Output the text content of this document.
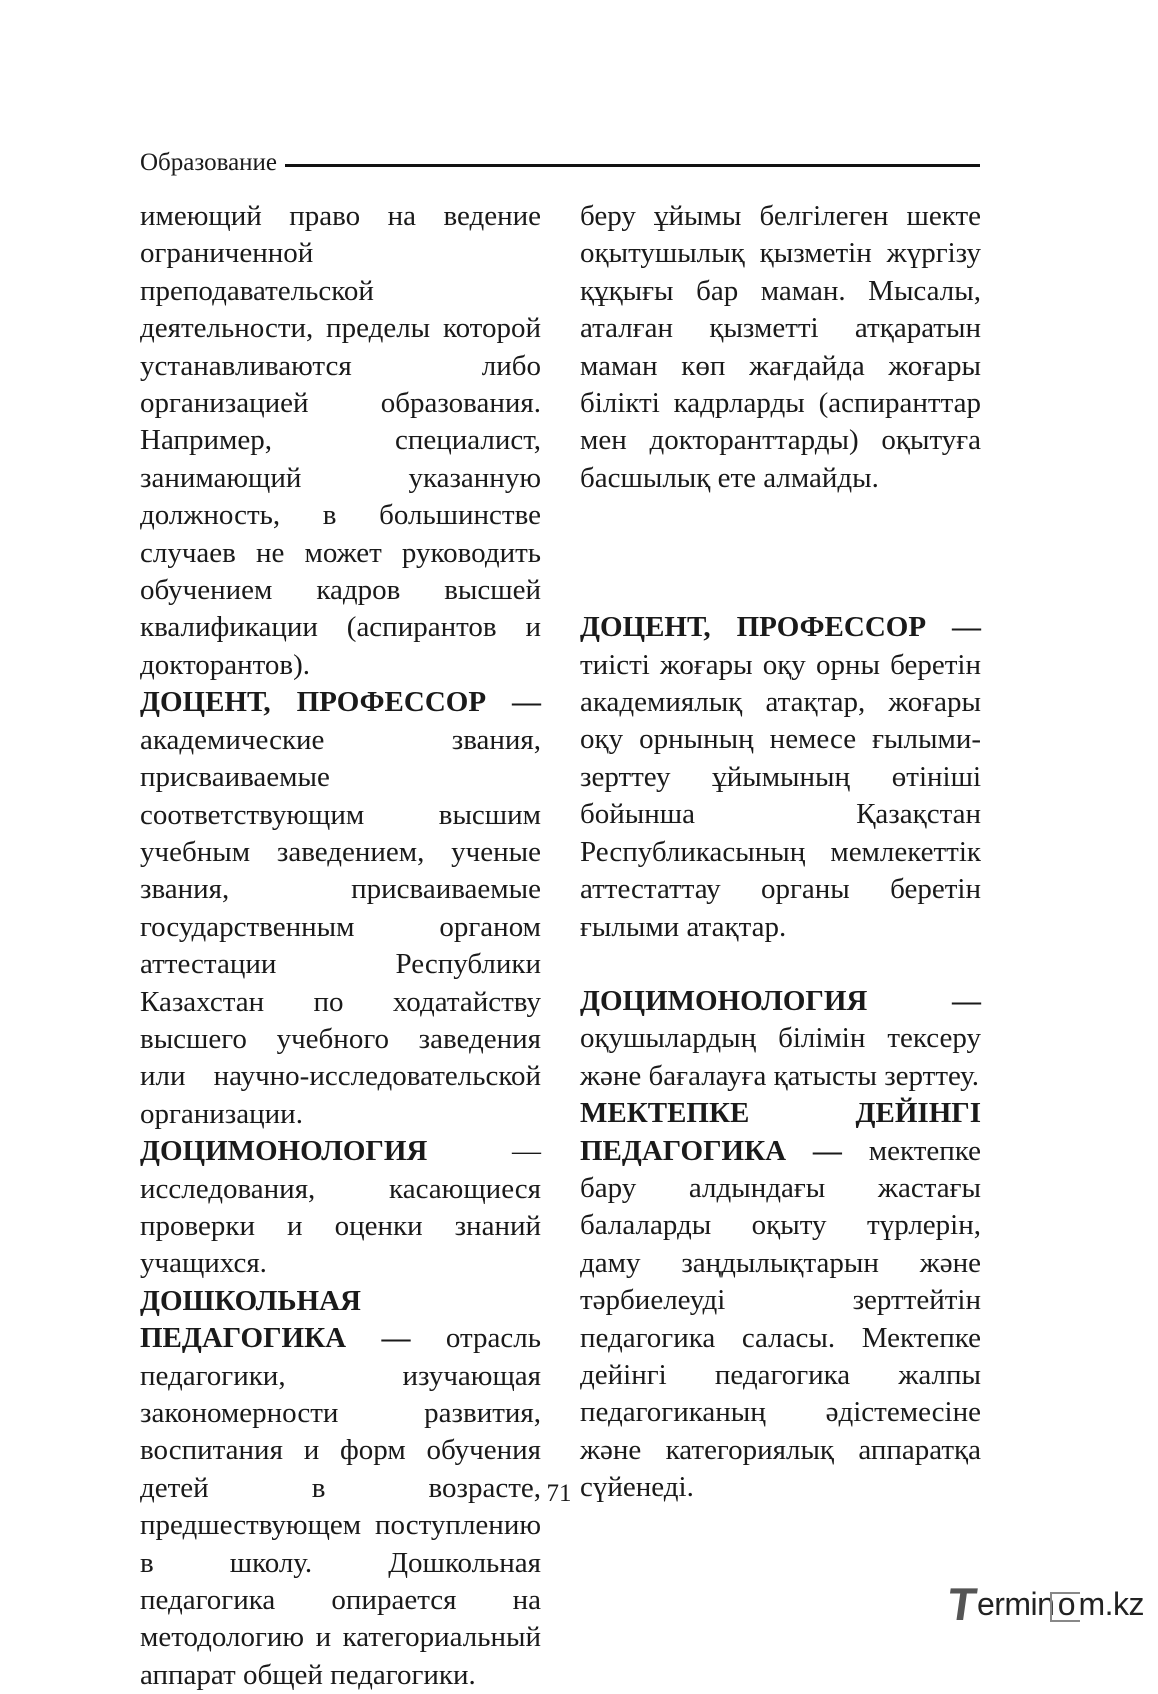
Образование

имеющий право на ведение ограниченной преподавательской деятельности, пределы которой устанавливаются либо организацией образования. Например, специалист, занимающий указанную должность, в большинстве случаев не может руководить обучением кадров высшей квалификации (аспирантов и докторантов).

ДОЦЕНТ, ПРОФЕССОР — академические звания, присваиваемые соответствующим высшим учебным заведением, ученые звания, присваиваемые государственным органом аттестации Республики Казахстан по ходатайству высшего учебного заведения или научно-исследовательской организации.

ДОЦИМОНОЛОГИЯ — исследования, касающиеся проверки и оценки знаний учащихся.

ДОШКОЛЬНАЯ ПЕДАГОГИКА — отрасль педагогики, изучающая закономерности развития, воспитания и форм обучения детей в возрасте, предшествующем поступлению в школу. Дошкольная педагогика опирается на методологию и категориальный аппарат общей педагогики.

беру ұйымы белгілеген шекте оқытушылық қызметін жүргізу құқығы бар маман. Мысалы, аталған қызметті атқаратын маман көп жағдайда жоғары білікті кадрларды (аспиранттар мен докторанттарды) оқытуға басшылық ете алмайды.

ДОЦЕНТ, ПРОФЕССОР — тиісті жоғары оқу орны беретін академиялық атақтар, жоғары оқу орнының немесе ғылыми-зерттеу ұйымының өтініші бойынша Қазақстан Республикасының мемлекеттік аттестаттау органы беретін ғылыми атақтар.

ДОЦИМОНОЛОГИЯ — оқушылардың білімін тексеру және бағалауға қатысты зерттеу.

МЕКТЕПКЕ ДЕЙІНГІ ПЕДАГОГИКА — мектепке бару алдындағы жастағы балаларды оқыту түрлерін, даму заңдылықтарын және тәрбиелеуді зерттейтін педагогика саласы. Мектепке дейінгі педагогика жалпы педагогиканың әдістемесіне және категориялық аппаратқа сүйенеді.

71
T
ermin o m.kz
